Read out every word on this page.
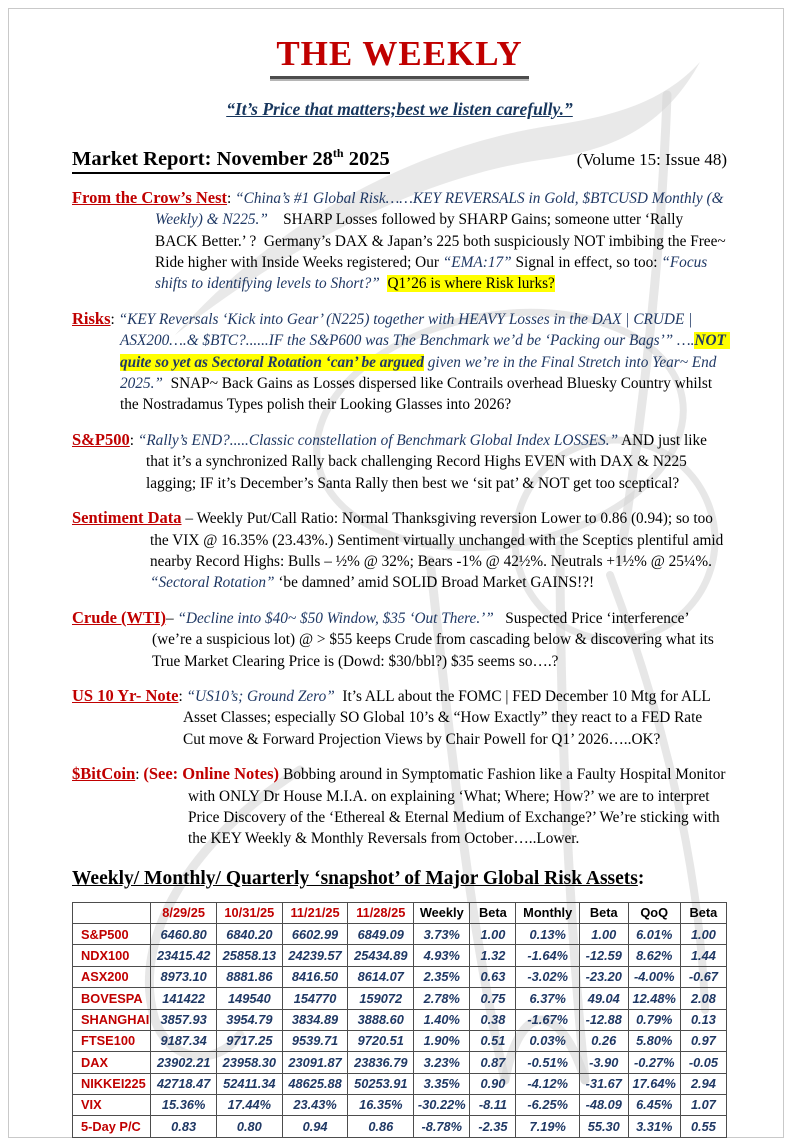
THE WEEKLY
“It’s Price that matters;best we listen carefully.”
Market Report: November 28th 2025	(Volume 15: Issue 48)

From the Crow’s Nest: “China’s #1 Global Risk……KEY REVERSALS in Gold, $BTCUSD Monthly (& Weekly) & N225.”    SHARP Losses followed by SHARP Gains; someone utter ‘Rally BACK Better.’ ?  Germany’s DAX & Japan’s 225 both suspiciously NOT imbibing the Free~ Ride higher with Inside Weeks registered; Our “EMA:17” Signal in effect, so too: “Focus shifts to identifying levels to Short?” Q1’26 is where Risk lurks?

Risks: “KEY Reversals ‘Kick into Gear’ (N225) together with HEAVY Losses in the DAX | CRUDE | ASX200….& $BTC?......IF the S&P600 was The Benchmark we’d be ‘Packing our Bags’” ….NOT quite so yet as Sectoral Rotation ‘can’ be argued given we’re in the Final Stretch into Year~ End 2025.”  SNAP~ Back Gains as Losses dispersed like Contrails overhead Bluesky Country whilst the Nostradamus Types polish their Looking Glasses into 2026?

S&P500: “Rally’s END?.....Classic constellation of Benchmark Global Index LOSSES.” AND just like that it’s a synchronized Rally back challenging Record Highs EVEN with DAX & N225 lagging; IF it’s December’s Santa Rally then best we ‘sit pat’ & NOT get too sceptical?

Sentiment Data – Weekly Put/Call Ratio: Normal Thanksgiving reversion Lower to 0.86 (0.94); so too the VIX @ 16.35% (23.43%.) Sentiment virtually unchanged with the Sceptics plentiful amid nearby Record Highs: Bulls – ½% @ 32%; Bears -1% @ 42½%. Neutrals +1½% @ 25¼%. “Sectoral Rotation” ‘be damned’ amid SOLID Broad Market GAINS!?!

Crude (WTI)– “Decline into $40~ $50 Window, $35 ‘Out There.’”   Suspected Price ‘interference’ (we’re a suspicious lot) @ > $55 keeps Crude from cascading below & discovering what its True Market Clearing Price is (Dowd: $30/bbl?) $35 seems so….?

US 10 Yr- Note: “US10’s; Ground Zero”  It’s ALL about the FOMC | FED December 10 Mtg for ALL Asset Classes; especially SO Global 10’s & “How Exactly” they react to a FED Rate Cut move & Forward Projection Views by Chair Powell for Q1’ 2026…..OK?

$BitCoin: (See: Online Notes) Bobbing around in Symptomatic Fashion like a Faulty Hospital Monitor with ONLY Dr House M.I.A. on explaining ‘What; Where; How?’ we are to interpret Price Discovery of the ‘Ethereal & Eternal Medium of Exchange?’ We’re sticking with the KEY Weekly & Monthly Reversals from October…..Lower.

Weekly/ Monthly/ Quarterly ‘snapshot’ of Major Global Risk Assets:
	8/29/25	10/31/25	11/21/25	11/28/25	Weekly	Beta	Monthly	Beta	QoQ	Beta
S&P500	6460.80	6840.20	6602.99	6849.09	3.73%	1.00	0.13%	1.00	6.01%	1.00
NDX100	23415.42	25858.13	24239.57	25434.89	4.93%	1.32	-1.64%	-12.59	8.62%	1.44
ASX200	8973.10	8881.86	8416.50	8614.07	2.35%	0.63	-3.02%	-23.20	-4.00%	-0.67
BOVESPA	141422	149540	154770	159072	2.78%	0.75	6.37%	49.04	12.48%	2.08
SHANGHAI	3857.93	3954.79	3834.89	3888.60	1.40%	0.38	-1.67%	-12.88	0.79%	0.13
FTSE100	9187.34	9717.25	9539.71	9720.51	1.90%	0.51	0.03%	0.26	5.80%	0.97
DAX	23902.21	23958.30	23091.87	23836.79	3.23%	0.87	-0.51%	-3.90	-0.27%	-0.05
NIKKEI225	42718.47	52411.34	48625.88	50253.91	3.35%	0.90	-4.12%	-31.67	17.64%	2.94
VIX	15.36%	17.44%	23.43%	16.35%	-30.22%	-8.11	-6.25%	-48.09	6.45%	1.07
5-Day P/C	0.83	0.80	0.94	0.86	-8.78%	-2.35	7.19%	55.30	3.31%	0.55
